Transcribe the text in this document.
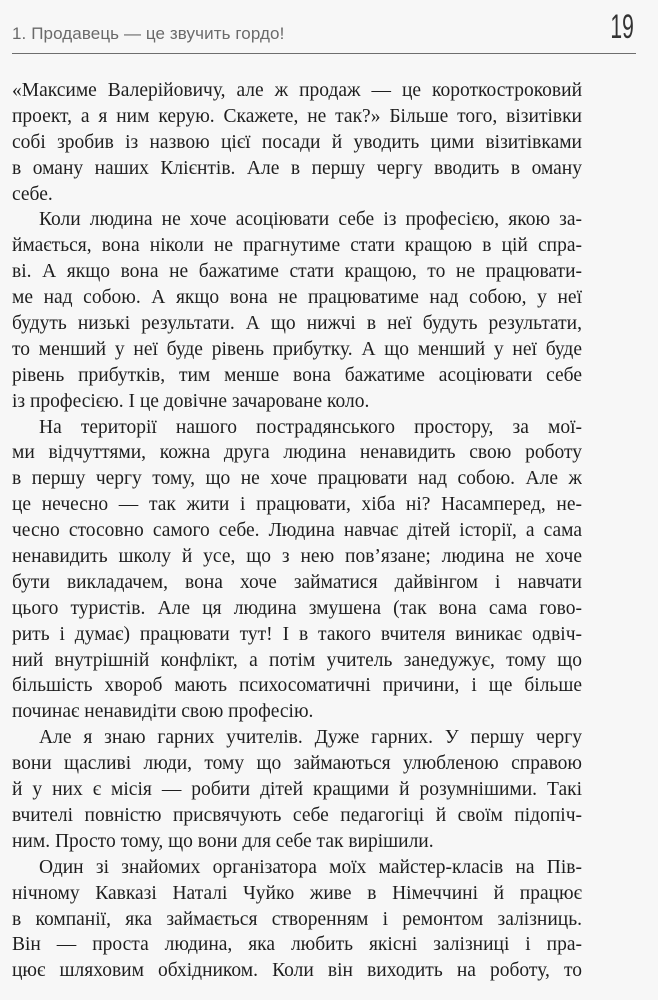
1. Продавець — це звучить гордо!	19
«Максиме Валерійовичу, але ж продаж — це короткостроковий
проект, а я ним керую. Скажете, не так?» Більше того, візитівки
собі зробив із назвою цієї посади й уводить цими візитівками
в оману наших Клієнтів. Але в першу чергу вводить в оману
себе.
Коли людина не хоче асоціювати себе із професією, якою за-
ймається, вона ніколи не прагнутиме стати кращою в цій спра-
ві. А якщо вона не бажатиме стати кращою, то не працювати-
ме над собою. А якщо вона не працюватиме над собою, у неї
будуть низькі результати. А що нижчі в неї будуть результати,
то менший у неї буде рівень прибутку. А що менший у неї буде
рівень прибутків, тим менше вона бажатиме асоціювати себе
із професією. І це довічне зачароване коло.
На території нашого пострадянського простору, за мої-
ми відчуттями, кожна друга людина ненавидить свою роботу
в першу чергу тому, що не хоче працювати над собою. Але ж
це нечесно — так жити і працювати, хіба ні? Насамперед, не-
чесно стосовно самого себе. Людина навчає дітей історії, а сама
ненавидить школу й усе, що з нею пов’язане; людина не хоче
бути викладачем, вона хоче займатися дайвінгом і навчати
цього туристів. Але ця людина змушена (так вона сама гово-
рить і думає) працювати тут! І в такого вчителя виникає одвіч-
ний внутрішній конфлікт, а потім учитель занедужує, тому що
більшість хвороб мають психосоматичні причини, і ще більше
починає ненавидіти свою професію.
Але я знаю гарних учителів. Дуже гарних. У першу чергу
вони щасливі люди, тому що займаються улюбленою справою
й у них є місія — робити дітей кращими й розумнішими. Такі
вчителі повністю присвячують себе педагогіці й своїм підопіч-
ним. Просто тому, що вони для себе так вирішили.
Один зі знайомих організатора моїх майстер-класів на Пів-
нічному Кавказі Наталі Чуйко живе в Німеччині й працює
в компанії, яка займається створенням і ремонтом залізниць.
Він — проста людина, яка любить якісні залізниці і пра-
цює шляховим обхідником. Коли він виходить на роботу, то
